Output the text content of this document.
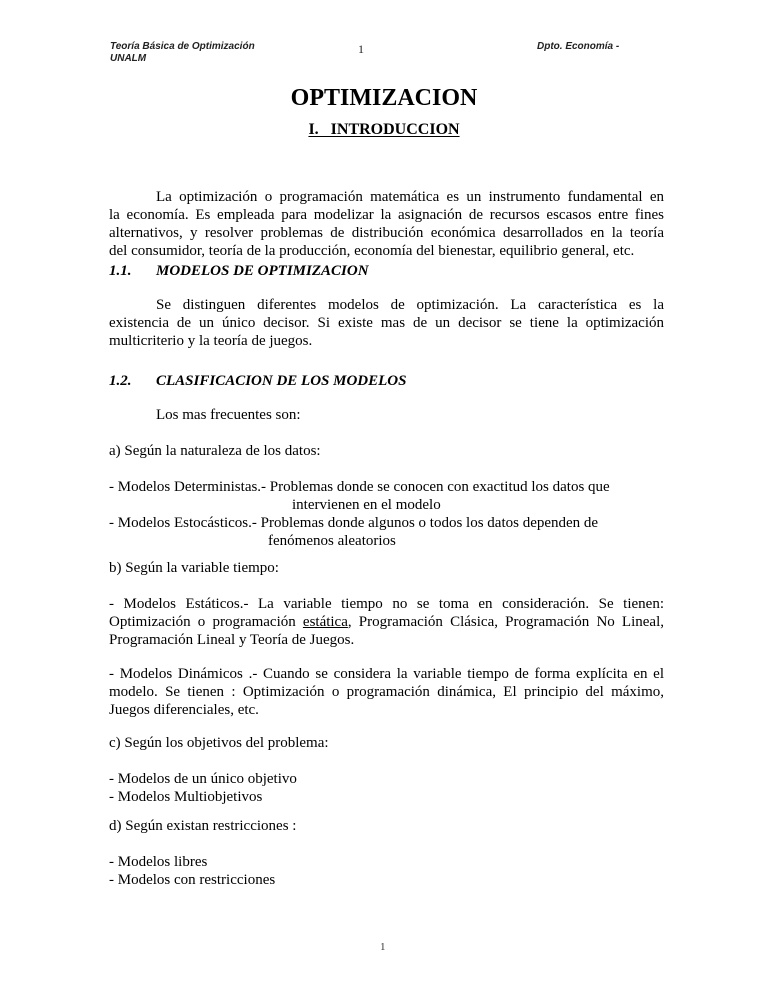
Teoría Básica de Optimización
UNALM
1	Dpto. Economía -
OPTIMIZACION
I.   INTRODUCCION
La optimización o programación matemática es un instrumento fundamental en
la economía. Es empleada para modelizar la asignación de recursos escasos entre fines
alternativos, y resolver problemas de distribución económica desarrollados en la teoría
del consumidor, teoría de la producción, economía del bienestar, equilibrio general, etc.
1.1. MODELOS DE OPTIMIZACION
Se distinguen diferentes modelos de optimización. La característica es la
existencia de un único decisor. Si existe mas de un decisor se tiene la optimización
multicriterio y la teoría de juegos.
1.2. CLASIFICACION DE LOS MODELOS
Los mas frecuentes son:
a) Según la naturaleza de los datos:
- Modelos Deterministas.- Problemas donde se conocen con exactitud los datos que
intervienen en el modelo
- Modelos Estocásticos.- Problemas donde algunos o todos los datos dependen de
fenómenos aleatorios
b) Según la variable tiempo:
- Modelos Estáticos.- La variable tiempo no se toma en consideración. Se tienen:
Optimización o programación estática, Programación Clásica, Programación No Lineal,
Programación Lineal y Teoría de Juegos.
- Modelos Dinámicos .- Cuando se considera la variable tiempo de forma explícita en el
modelo. Se tienen : Optimización o programación dinámica, El principio del máximo,
Juegos diferenciales, etc.
c) Según los objetivos del problema:
- Modelos de un único objetivo
- Modelos Multiobjetivos
d) Según existan restricciones :
- Modelos libres
- Modelos con restricciones
1
